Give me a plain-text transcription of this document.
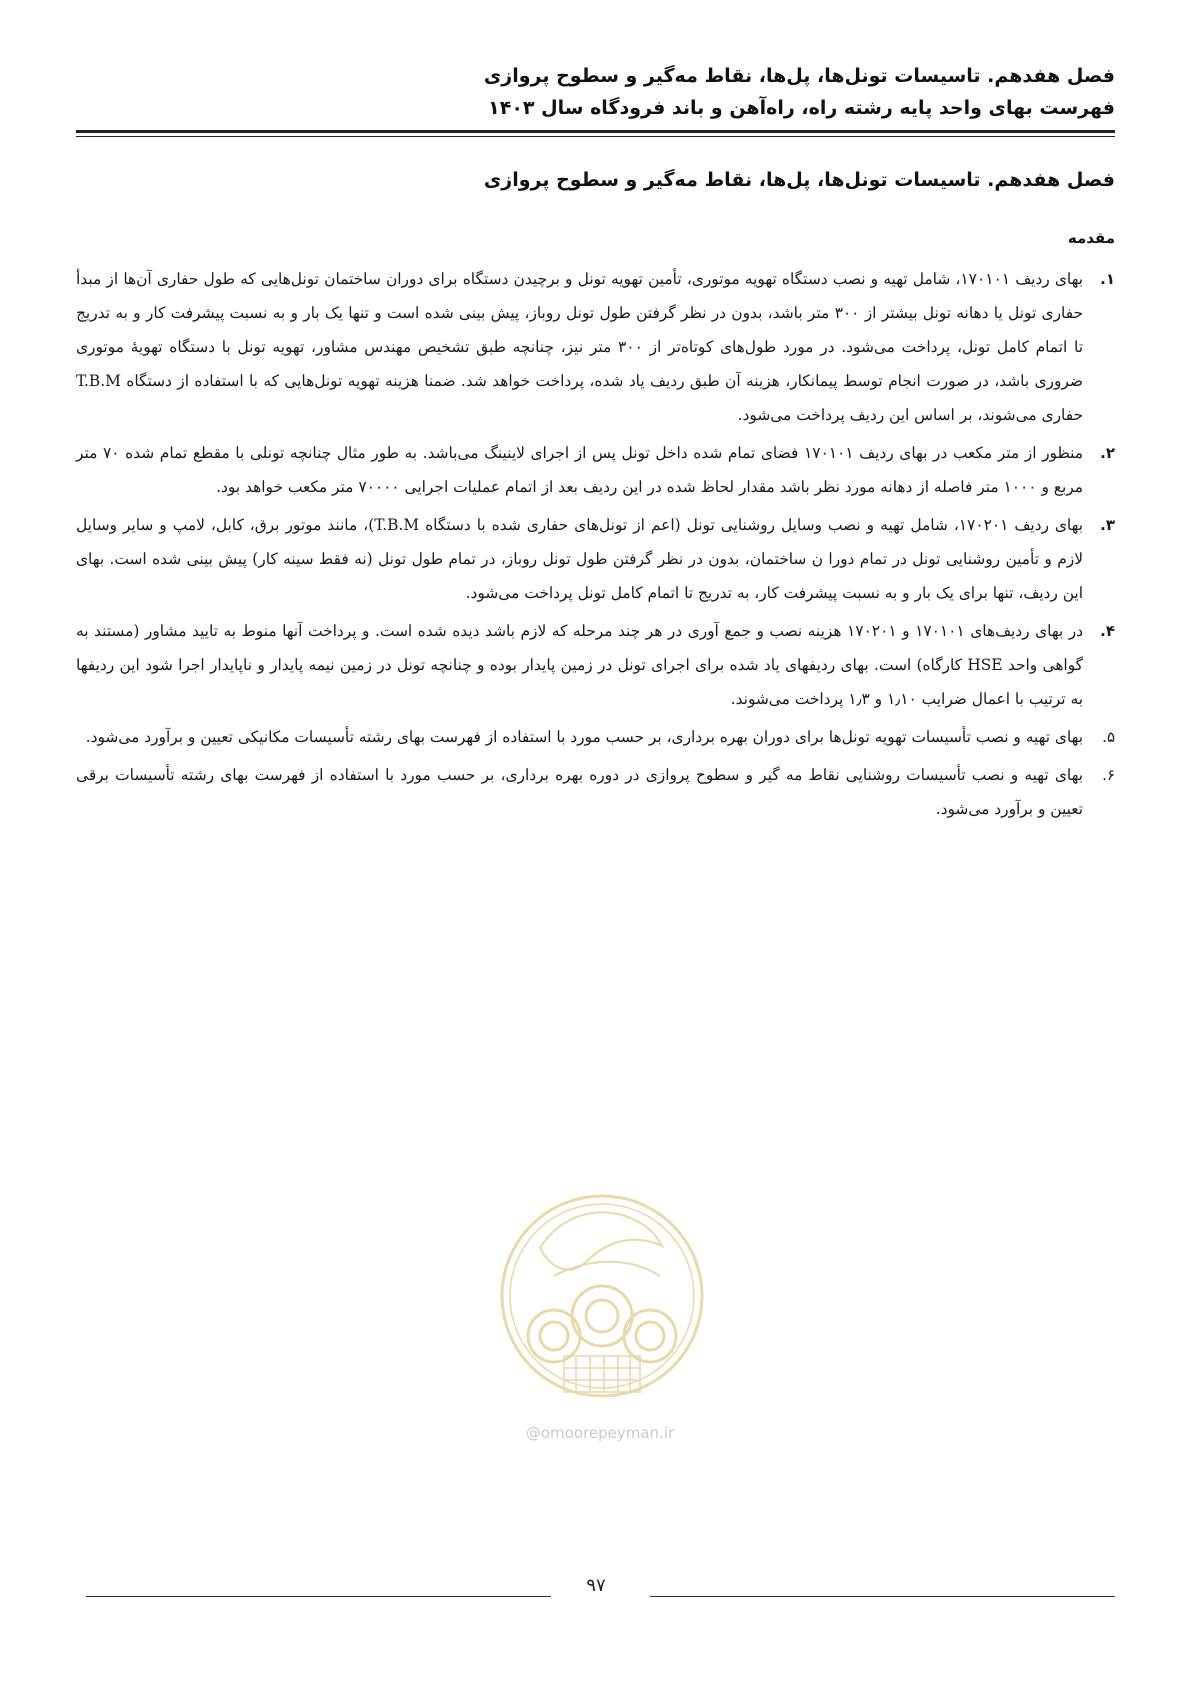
فصل هفدهم. تاسیسات تونل‌ها، پل‌ها، نقاط مه‌گیر و سطوح پروازی
فهرست بهای واحد پایه رشته راه، راه‌آهن و باند فرودگاه سال ۱۴۰۳
فصل هفدهم. تاسیسات تونل‌ها، پل‌ها، نقاط مه‌گیر و سطوح پروازی
مقدمه
۱.
بهای ردیف ۱۷۰۱۰۱، شامل تهیه و نصب دستگاه تهویه موتوری، تأمین تهویه تونل و برچیدن دستگاه برای دوران ساختمان تونل‌هایی که طول حفاری آن‌ها از مبدأ حفاری تونل یا دهانه تونل بیشتر از ۳۰۰ متر باشد، بدون در نظر گرفتن طول تونل روباز، پیش بینی شده است و تنها یک بار و به نسبت پیشرفت کار و به تدریج تا اتمام کامل تونل، پرداخت می‌شود. در مورد طول‌های کوتاه‌تر از ۳۰۰ متر نیز، چنانچه طبق تشخیص مهندس مشاور، تهویه تونل با دستگاه تهویهٔ موتوری ضروری باشد، در صورت انجام توسط پیمانکار، هزینه آن طبق ردیف یاد شده، پرداخت خواهد شد. ضمنا هزینه تهویه تونل‌هایی که با استفاده از دستگاه T.B.M حفاری می‌شوند، بر اساس این ردیف پرداخت می‌شود.
۲.
منظور از متر مکعب در بهای ردیف ۱۷۰۱۰۱ فضای تمام شده داخل تونل پس از اجرای لاینینگ می‌باشد. به طور مثال چنانچه تونلی با مقطع تمام شده ۷۰ متر مربع و ۱۰۰۰ متر فاصله از دهانه مورد نظر باشد مقدار لحاظ شده در این ردیف بعد از اتمام عملیات اجرایی ۷۰۰۰۰ متر مکعب خواهد بود.
۳.
بهای ردیف ۱۷۰۲۰۱، شامل تهیه و نصب وسایل روشنایی تونل (اعم از تونل‌های حفاری شده با دستگاه T.B.M)، مانند موتور برق، کابل، لامپ و سایر وسایل لازم و تأمین روشنایی تونل در تمام دورا ن ساختمان، بدون در نظر گرفتن طول تونل روباز، در تمام طول تونل (نه فقط سینه کار) پیش بینی شده است. بهای این ردیف، تنها برای یک بار و به نسبت پیشرفت کار، به تدریج تا اتمام کامل تونل پرداخت می‌شود.
۴.
در بهای ردیف‌های ۱۷۰۱۰۱ و ۱۷۰۲۰۱ هزینه نصب و جمع آوری در هر چند مرحله که لازم باشد دیده شده است. و پرداخت آنها منوط به تایید مشاور (مستند به گواهی واحد HSE کارگاه) است. بهای ردیفهای یاد شده برای اجرای تونل در زمین پایدار بوده و چنانچه تونل در زمین نیمه پایدار و ناپایدار اجرا شود این ردیفها به ترتیب با اعمال ضرایب ۱٫۱۰ و ۱٫۳ پرداخت می‌شوند.
۵.
بهای تهیه و نصب تأسیسات تهویه تونل‌ها برای دوران بهره برداری، بر حسب مورد با استفاده از فهرست بهای رشته تأسیسات مکانیکی تعیین و برآورد می‌شود.
۶.
بهای تهیه و نصب تأسیسات روشنایی نقاط مه گیر و سطوح پروازی در دوره بهره برداری، بر حسب مورد با استفاده از فهرست بهای رشته تأسیسات برقی تعیین و برآورد می‌شود.
@omoorepeyman.ir
۹۷
